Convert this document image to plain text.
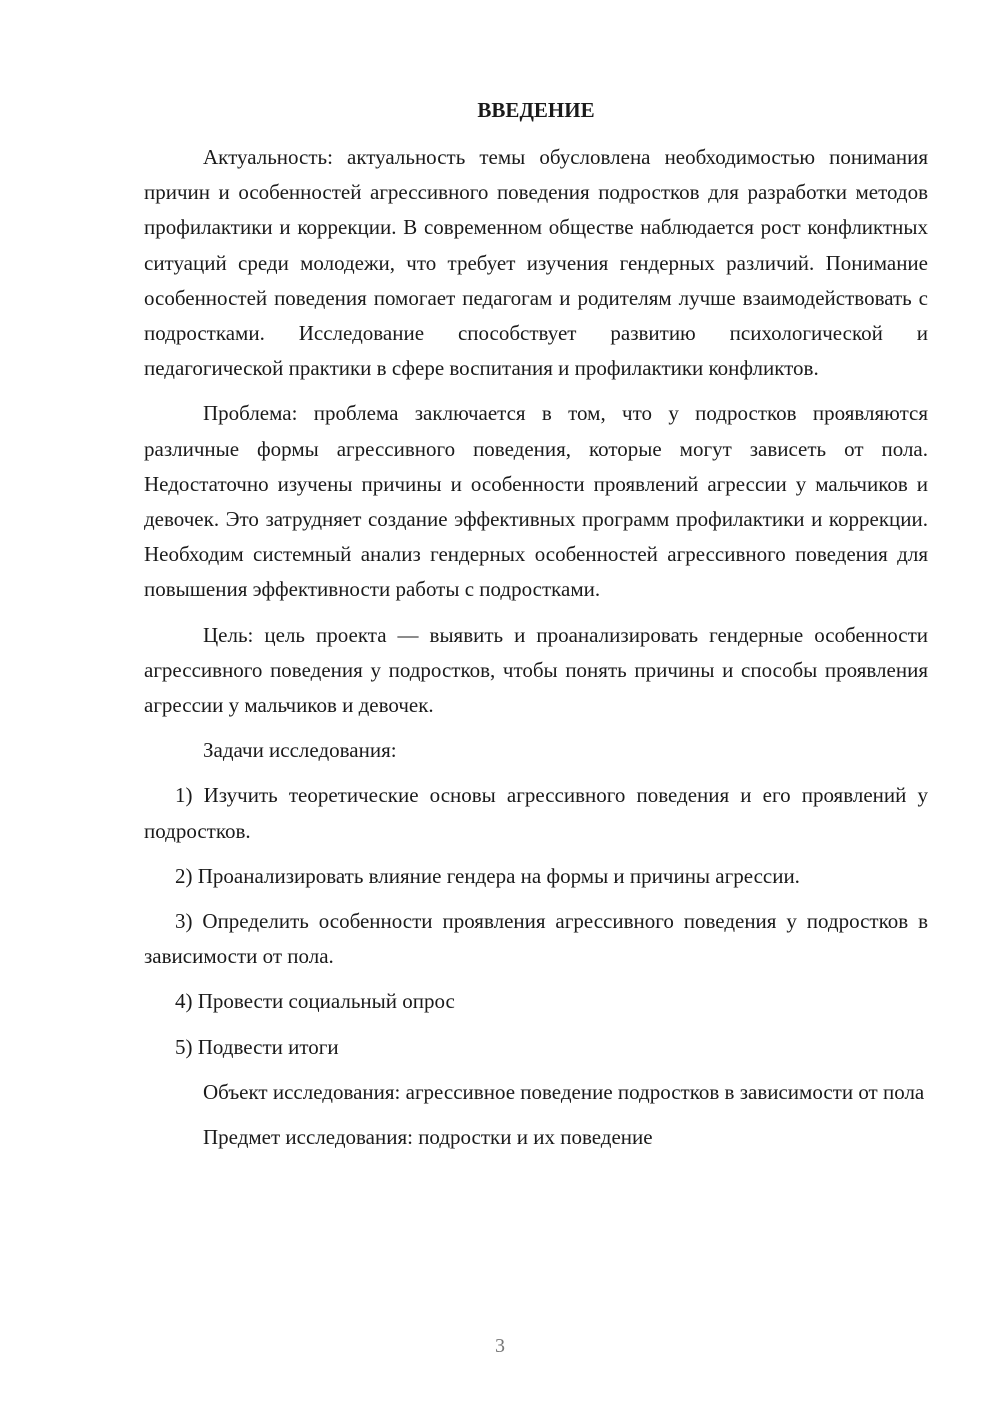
ВВЕДЕНИЕ

Актуальность: актуальность темы обусловлена необходимостью понимания причин и особенностей агрессивного поведения подростков для разработки методов профилактики и коррекции. В современном обществе наблюдается рост конфликтных ситуаций среди молодежи, что требует изучения гендерных различий. Понимание особенностей поведения помогает педагогам и родителям лучше взаимодействовать с подростками. Исследование способствует развитию психологической и педагогической практики в сфере воспитания и профилактики конфликтов.

Проблема: проблема заключается в том, что у подростков проявляются различные формы агрессивного поведения, которые могут зависеть от пола. Недостаточно изучены причины и особенности проявлений агрессии у мальчиков и девочек. Это затрудняет создание эффективных программ профилактики и коррекции. Необходим системный анализ гендерных особенностей агрессивного поведения для повышения эффективности работы с подростками.

Цель: цель проекта — выявить и проанализировать гендерные особенности агрессивного поведения у подростков, чтобы понять причины и способы проявления агрессии у мальчиков и девочек.

Задачи исследования:

1) Изучить теоретические основы агрессивного поведения и его проявлений у подростков.

2) Проанализировать влияние гендера на формы и причины агрессии.

3) Определить особенности проявления агрессивного поведения у подростков в зависимости от пола.

4) Провести социальный опрос

5) Подвести итоги

Объект исследования: агрессивное поведение подростков в зависимости от пола

Предмет исследования: подростки и их поведение

3
